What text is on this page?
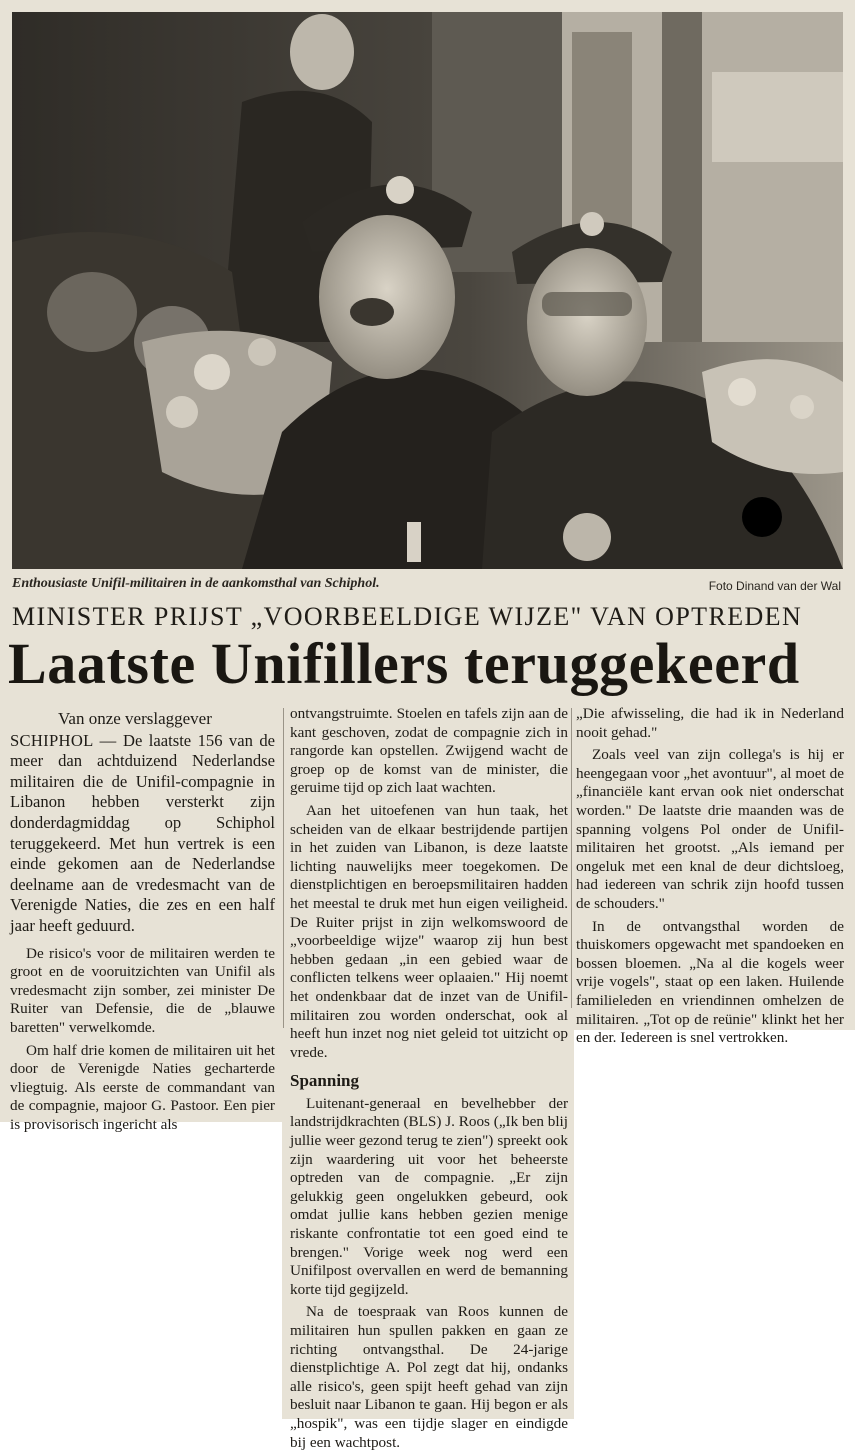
Enthousiaste Unifil-militairen in de aankomsthal van Schiphol.	Foto Dinand van der Wal
MINISTER PRIJST „VOORBEELDIGE WIJZE" VAN OPTREDEN
Laatste Unifillers teruggekeerd
Van onze verslaggever
SCHIPHOL — De laatste 156 van de meer dan achtduizend Nederlandse militairen die de Unifil-compagnie in Libanon hebben versterkt zijn donderdagmiddag op Schiphol teruggekeerd. Met hun vertrek is een einde gekomen aan de Nederlandse deelname aan de vredesmacht van de Verenigde Naties, die zes en een half jaar heeft geduurd.

De risico's voor de militairen werden te groot en de vooruitzichten van Unifil als vredesmacht zijn somber, zei minister De Ruiter van Defensie, die de „blauwe baretten" verwelkomde.

Om half drie komen de militairen uit het door de Verenigde Naties gecharterde vliegtuig. Als eerste de commandant van de compagnie, majoor G. Pastoor. Een pier is provisorisch ingericht als

ontvangstruimte. Stoelen en tafels zijn aan de kant geschoven, zodat de compagnie zich in rangorde kan opstellen. Zwijgend wacht de groep op de komst van de minister, die geruime tijd op zich laat wachten.

Aan het uitoefenen van hun taak, het scheiden van de elkaar bestrijdende partijen in het zuiden van Libanon, is deze laatste lichting nauwelijks meer toegekomen. De dienstplichtigen en beroepsmilitairen hadden het meestal te druk met hun eigen veiligheid. De Ruiter prijst in zijn welkomswoord de „voorbeeldige wijze" waarop zij hun best hebben gedaan „in een gebied waar de conflicten telkens weer oplaaien." Hij noemt het ondenkbaar dat de inzet van de Unifil-militairen zou worden onderschat, ook al heeft hun inzet nog niet geleid tot uitzicht op vrede.

Spanning

Luitenant-generaal en bevelhebber der landstrijdkrachten (BLS) J. Roos („Ik ben blij jullie weer gezond terug te zien") spreekt ook zijn waardering uit voor het beheerste optreden van de compagnie. „Er zijn gelukkig geen ongelukken gebeurd, ook omdat jullie kans hebben gezien menige riskante confrontatie tot een goed eind te brengen." Vorige week nog werd een Unifilpost overvallen en werd de bemanning korte tijd gegijzeld.

Na de toespraak van Roos kunnen de militairen hun spullen pakken en gaan ze richting ontvangsthal. De 24-jarige dienstplichtige A. Pol zegt dat hij, ondanks alle risico's, geen spijt heeft gehad van zijn besluit naar Libanon te gaan. Hij begon er als „hospik", was een tijdje slager en eindigde bij een wachtpost.

„Die afwisseling, die had ik in Nederland nooit gehad."

Zoals veel van zijn collega's is hij er heengegaan voor „het avontuur", al moet de „financiële kant ervan ook niet onderschat worden." De laatste drie maanden was de spanning volgens Pol onder de Unifil-militairen het grootst. „Als iemand per ongeluk met een knal de deur dichtsloeg, had iedereen van schrik zijn hoofd tussen de schouders."

In de ontvangsthal worden de thuiskomers opgewacht met spandoeken en bossen bloemen. „Na al die kogels weer vrije vogels", staat op een laken. Huilende familieleden en vriendinnen omhelzen de militairen. „Tot op de reünie" klinkt het her en der. Iedereen is snel vertrokken.
